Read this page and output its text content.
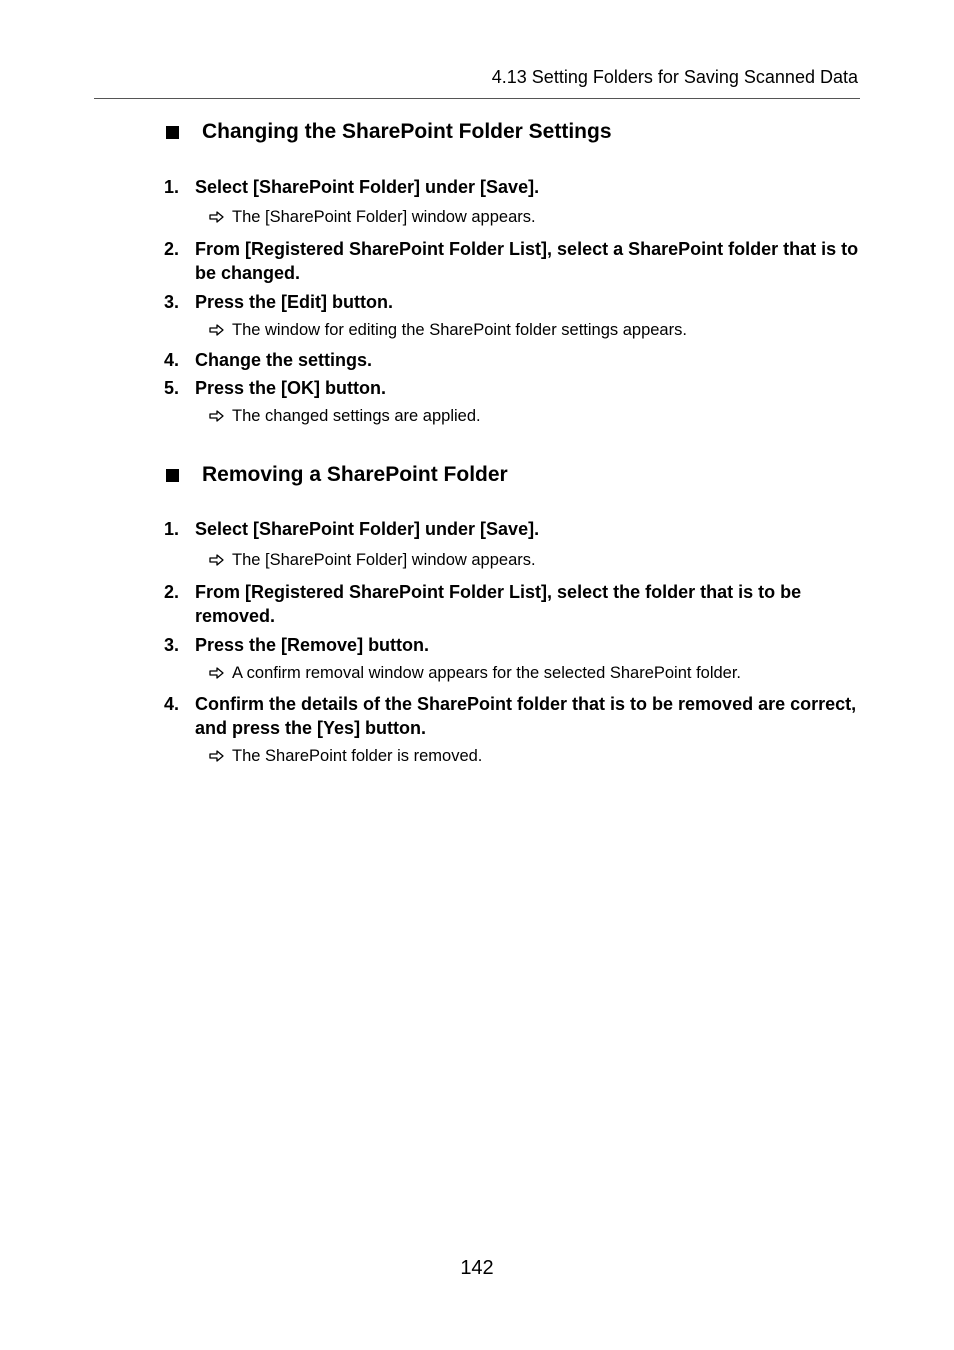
4.13 Setting Folders for Saving Scanned Data
Changing the SharePoint Folder Settings
1. Select [SharePoint Folder] under [Save].
The [SharePoint Folder] window appears.
2. From [Registered SharePoint Folder List], select a SharePoint folder that is to be changed.
3. Press the [Edit] button.
The window for editing the SharePoint folder settings appears.
4. Change the settings.
5. Press the [OK] button.
The changed settings are applied.
Removing a SharePoint Folder
1. Select [SharePoint Folder] under [Save].
The [SharePoint Folder] window appears.
2. From [Registered SharePoint Folder List], select the folder that is to be removed.
3. Press the [Remove] button.
A confirm removal window appears for the selected SharePoint folder.
4. Confirm the details of the SharePoint folder that is to be removed are correct, and press the [Yes] button.
The SharePoint folder is removed.
142
